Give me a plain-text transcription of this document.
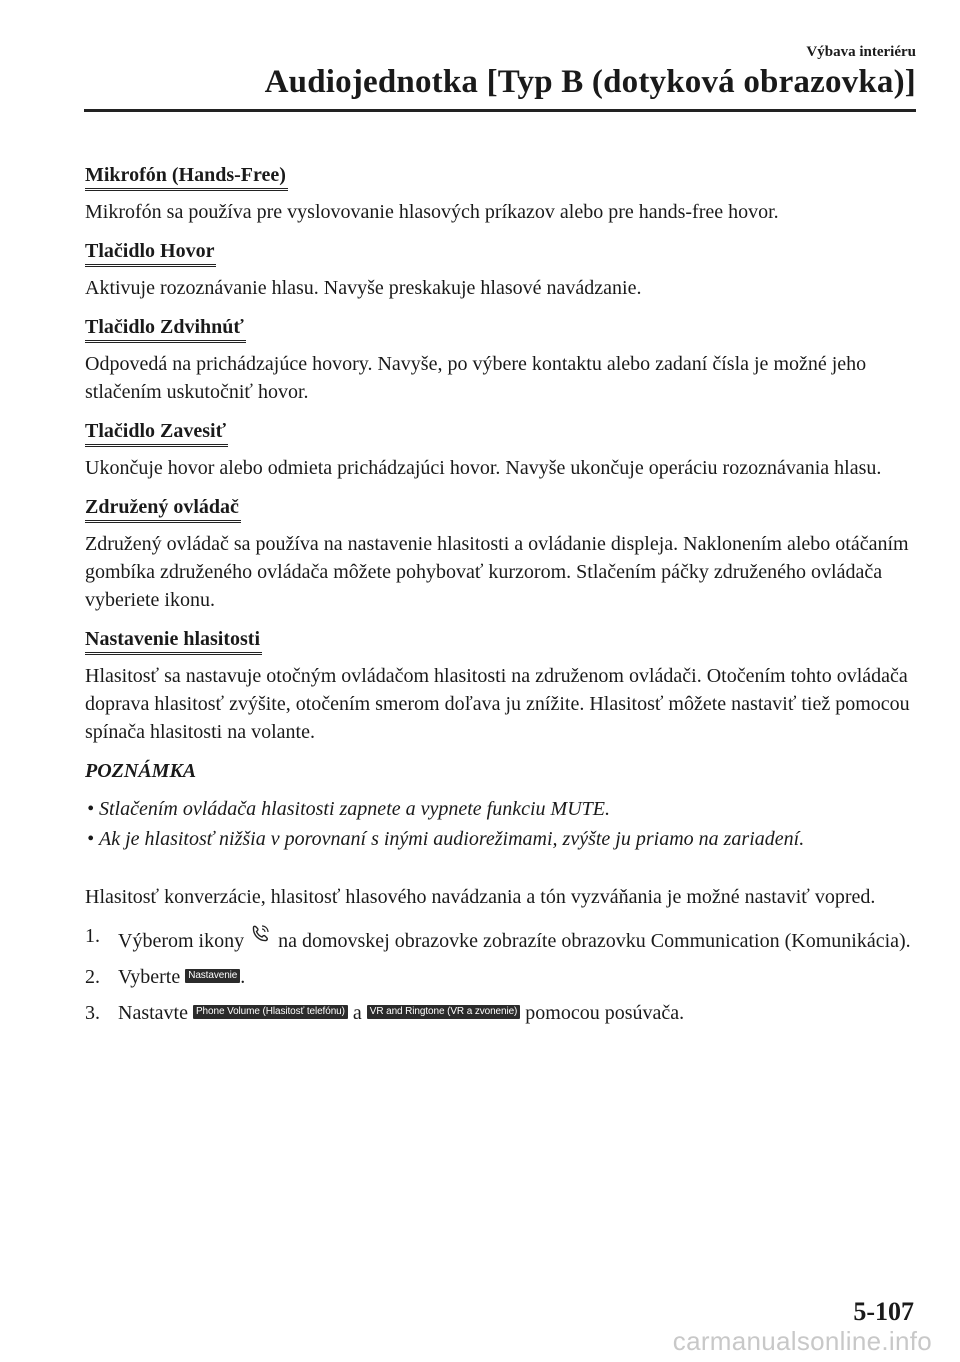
Výbava interiéru
Audiojednotka [Typ B (dotyková obrazovka)]
Mikrofón (Hands-Free)

Mikrofón sa používa pre vyslovovanie hlasových príkazov alebo pre hands-free hovor.

Tlačidlo Hovor

Aktivuje rozoznávanie hlasu. Navyše preskakuje hlasové navádzanie.

Tlačidlo Zdvihnúť

Odpovedá na prichádzajúce hovory. Navyše, po výbere kontaktu alebo zadaní čísla je možné jeho stlačením uskutočniť hovor.

Tlačidlo Zavesiť

Ukončuje hovor alebo odmieta prichádzajúci hovor. Navyše ukončuje operáciu rozoznávania hlasu.

Združený ovládač

Združený ovládač sa používa na nastavenie hlasitosti a ovládanie displeja. Naklonením alebo otáčaním gombíka združeného ovládača môžete pohybovať kurzorom. Stlačením páčky združeného ovládača vyberiete ikonu.

Nastavenie hlasitosti

Hlasitosť sa nastavuje otočným ovládačom hlasitosti na združenom ovládači. Otočením tohto ovládača doprava hlasitosť zvýšite, otočením smerom doľava ju znížite. Hlasitosť môžete nastaviť tiež pomocou spínača hlasitosti na volante.

POZNÁMKA
• Stlačením ovládača hlasitosti zapnete a vypnete funkciu MUTE.
• Ak je hlasitosť nižšia v porovnaní s inými audiorežimami, zvýšte ju priamo na zariadení.

Hlasitosť konverzácie, hlasitosť hlasového navádzania a tón vyzváňania je možné nastaviť vopred.

1. Výberom ikony na domovskej obrazovke zobrazíte obrazovku Communication (Komunikácia).
2. Vyberte Nastavenie .
3. Nastavte Phone Volume (Hlasitosť telefónu) a VR and Ringtone (VR a zvonenie) pomocou posúvača.
5-107
carmanualsonline.info
